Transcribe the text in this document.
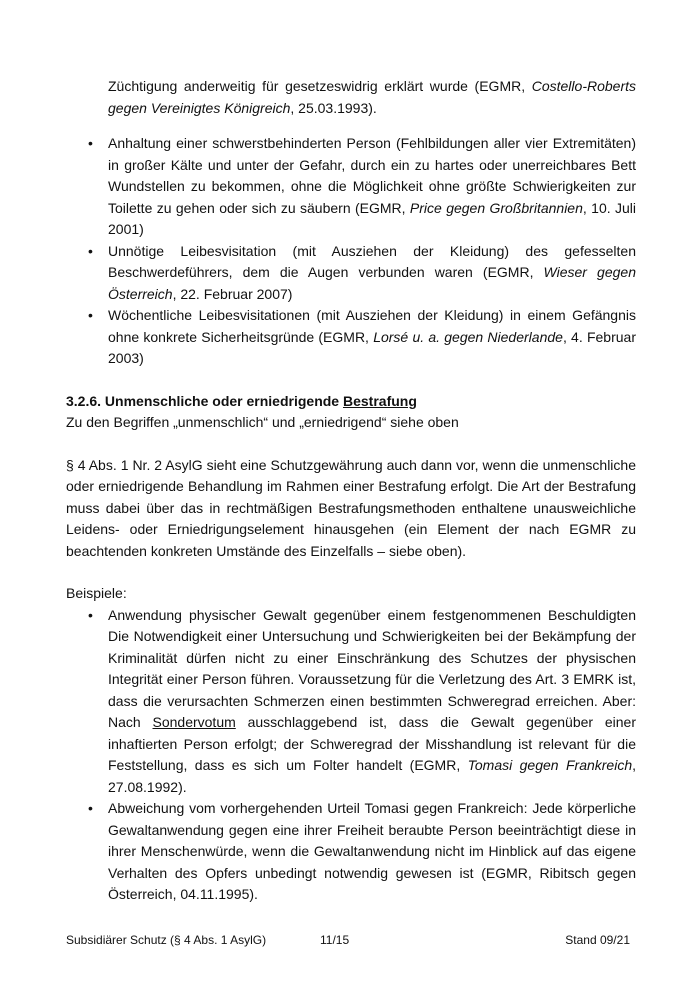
Züchtigung anderweitig für gesetzeswidrig erklärt wurde (EGMR, Costello-Roberts gegen Vereinigtes Königreich, 25.03.1993).

• Anhaltung einer schwerstbehinderten Person (Fehlbildungen aller vier Extremitäten) in großer Kälte und unter der Gefahr, durch ein zu hartes oder unerreichbares Bett Wundstellen zu bekommen, ohne die Möglichkeit ohne größte Schwierigkeiten zur Toilette zu gehen oder sich zu säubern (EGMR, Price gegen Großbritannien, 10. Juli 2001)
• Unnötige Leibesvisitation (mit Ausziehen der Kleidung) des gefesselten Beschwerdeführers, dem die Augen verbunden waren (EGMR, Wieser gegen Österreich, 22. Februar 2007)
• Wöchentliche Leibesvisitationen (mit Ausziehen der Kleidung) in einem Gefängnis ohne konkrete Sicherheitsgründe (EGMR, Lorsé u. a. gegen Niederlande, 4. Februar 2003)
3.2.6. Unmenschliche oder erniedrigende Bestrafung

Zu den Begriffen „unmenschlich“ und „erniedrigend“ siehe oben

§ 4 Abs. 1 Nr. 2 AsylG sieht eine Schutzgewährung auch dann vor, wenn die unmenschliche oder erniedrigende Behandlung im Rahmen einer Bestrafung erfolgt. Die Art der Bestrafung muss dabei über das in rechtmäßigen Bestrafungsmethoden enthaltene unausweichliche Leidens- oder Erniedrigungselement hinausgehen (ein Element der nach EGMR zu beachtenden konkreten Umstände des Einzelfalls – siebe oben).

Beispiele:

• Anwendung physischer Gewalt gegenüber einem festgenommenen Beschuldigten Die Notwendigkeit einer Untersuchung und Schwierigkeiten bei der Bekämpfung der Kriminalität dürfen nicht zu einer Einschränkung des Schutzes der physischen Integrität einer Person führen. Voraussetzung für die Verletzung des Art. 3 EMRK ist, dass die verursachten Schmerzen einen bestimmten Schweregrad erreichen. Aber: Nach Sondervotum ausschlaggebend ist, dass die Gewalt gegenüber einer inhaftierten Person erfolgt; der Schweregrad der Misshandlung ist relevant für die Feststellung, dass es sich um Folter handelt (EGMR, Tomasi gegen Frankreich, 27.08.1992).
• Abweichung vom vorhergehenden Urteil Tomasi gegen Frankreich: Jede körperliche Gewaltanwendung gegen eine ihrer Freiheit beraubte Person beeinträchtigt diese in ihrer Menschenwürde, wenn die Gewaltanwendung nicht im Hinblick auf das eigene Verhalten des Opfers unbedingt notwendig gewesen ist (EGMR, Ribitsch gegen Österreich, 04.11.1995).
Subsidiärer Schutz (§ 4 Abs. 1 AsylG)	11/15	Stand 09/21
